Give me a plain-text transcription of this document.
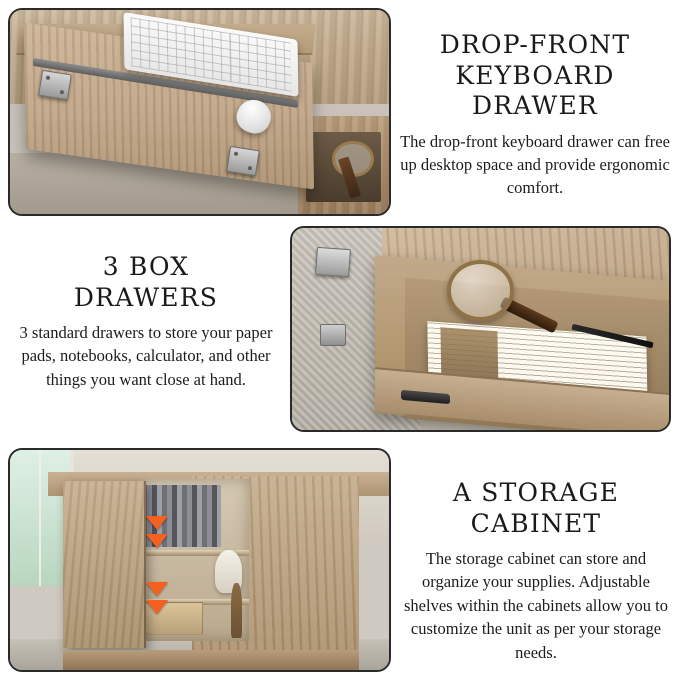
DROP-FRONT
KEYBOARD DRAWER
The drop-front keyboard drawer can free up desktop space and provide ergonomic comfort.
3 BOX
DRAWERS
3 standard drawers to store your paper pads, notebooks, calculator, and other things you want close at hand.
A STORAGE
CABINET
The storage cabinet can store and organize your supplies. Adjustable shelves within the cabinets allow you to customize the unit as per your storage needs.
